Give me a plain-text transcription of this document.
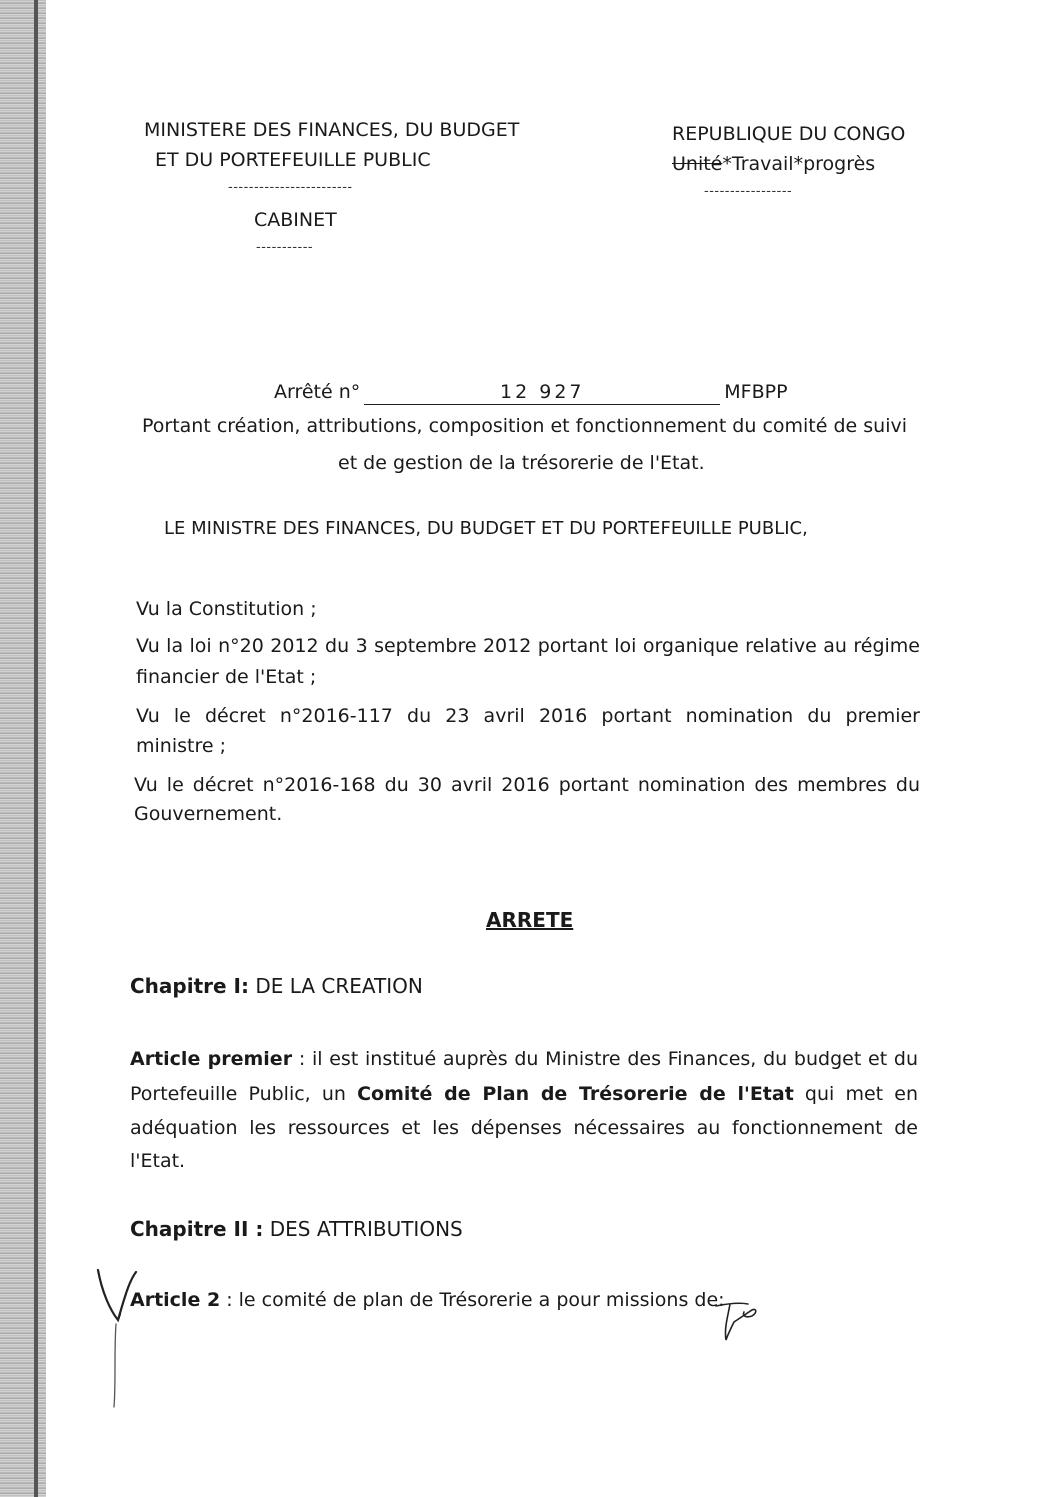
MINISTERE DES FINANCES, DU BUDGET
ET DU PORTEFEUILLE PUBLIC
------------------------
CABINET
-----------
REPUBLIQUE DU CONGO
Unité*Travail*progrès
-----------------
Arrêté n°	12 927	MFBPP
Portant création, attributions, composition et fonctionnement du comité de suivi
et de gestion de la trésorerie de l'Etat.
LE MINISTRE DES FINANCES, DU BUDGET ET DU PORTEFEUILLE PUBLIC,
Vu la Constitution ;
Vu la loi n°20 2012 du 3 septembre 2012 portant loi organique relative au régime
financier de l'Etat ;
Vu le décret n°2016-117 du 23 avril 2016 portant nomination du premier
ministre ;
Vu le décret n°2016-168 du 30 avril 2016 portant nomination des membres du
Gouvernement.
ARRETE
Chapitre I: DE LA CREATION
Article premier : il est institué auprès du Ministre des Finances, du budget et du
Portefeuille Public, un Comité de Plan de Trésorerie de l'Etat qui met en
adéquation les ressources et les dépenses nécessaires au fonctionnement de
l'Etat.
Chapitre II : DES ATTRIBUTIONS
Article 2 : le comité de plan de Trésorerie a pour missions de:
